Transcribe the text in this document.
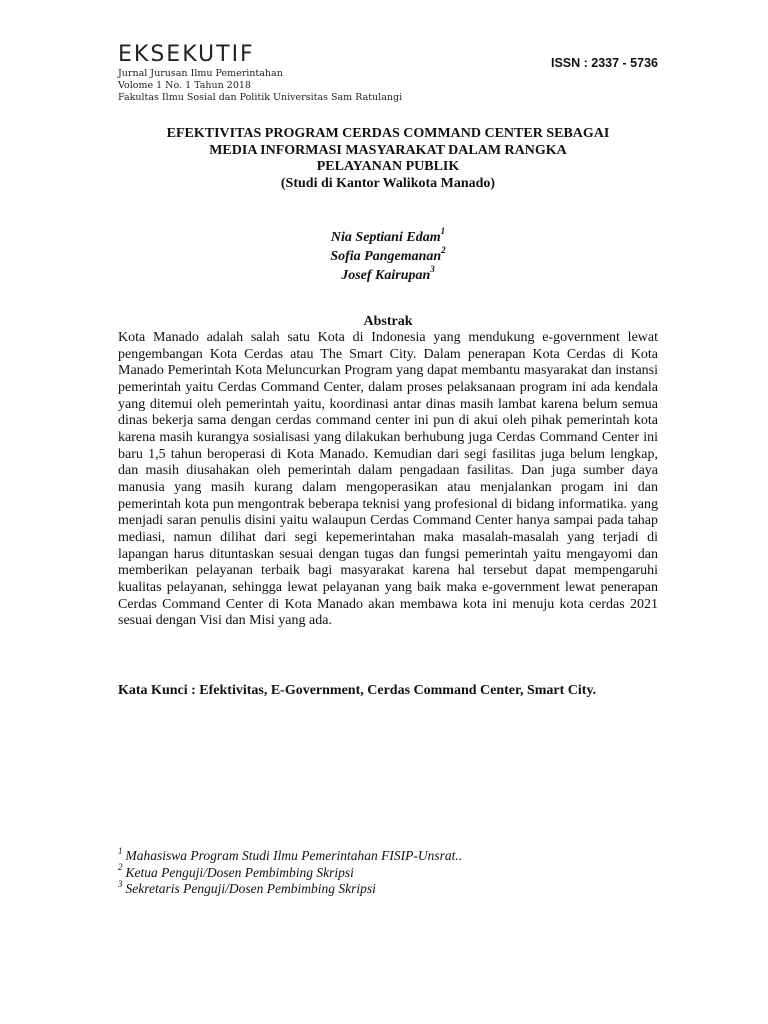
EKSEKUTIF	ISSN : 2337 - 5736
Jurnal Jurusan Ilmu Pemerintahan
Volome 1 No. 1 Tahun 2018
Fakultas Ilmu Sosial dan Politik Universitas Sam Ratulangi
EFEKTIVITAS PROGRAM CERDAS COMMAND CENTER SEBAGAI
MEDIA INFORMASI MASYARAKAT DALAM RANGKA
PELAYANAN PUBLIK
(Studi di Kantor Walikota Manado)
Nia Septiani Edam$^1$
Sofia Pangemanan$^2$
Josef Kairupan$^3$
Abstrak
Kota Manado adalah salah satu Kota di Indonesia yang mendukung e-government lewat pengembangan Kota Cerdas atau The Smart City. Dalam penerapan Kota Cerdas di Kota Manado Pemerintah Kota Meluncurkan Program yang dapat membantu masyarakat dan instansi pemerintah yaitu Cerdas Command Center, dalam proses pelaksanaan program ini ada kendala yang ditemui oleh pemerintah yaitu, koordinasi antar dinas masih lambat karena belum semua dinas bekerja sama dengan cerdas command center ini pun di akui oleh pihak pemerintah kota karena masih kurangya sosialisasi yang dilakukan berhubung juga Cerdas Command Center ini baru 1,5 tahun beroperasi di Kota Manado. Kemudian dari segi fasilitas juga belum lengkap, dan masih diusahakan oleh pemerintah dalam pengadaan fasilitas. Dan juga sumber daya manusia yang masih kurang dalam mengoperasikan atau menjalankan progam ini dan pemerintah kota pun mengontrak beberapa teknisi yang profesional di bidang informatika. yang menjadi saran penulis disini yaitu walaupun Cerdas Command Center hanya sampai pada tahap mediasi, namun dilihat dari segi kepemerintahan maka masalah-masalah yang terjadi di lapangan harus dituntaskan sesuai dengan tugas dan fungsi pemerintah yaitu mengayomi dan memberikan pelayanan terbaik bagi masyarakat karena hal tersebut dapat mempengaruhi kualitas pelayanan, sehingga lewat pelayanan yang baik maka e-government lewat penerapan Cerdas Command Center di Kota Manado akan membawa kota ini menuju kota cerdas 2021 sesuai dengan Visi dan Misi yang ada.
Kata Kunci : Efektivitas, E-Government, Cerdas Command Center, Smart City.
$^1$ Mahasiswa Program Studi Ilmu Pemerintahan FISIP-Unsrat..
$^2$ Ketua Penguji/Dosen Pembimbing Skripsi
$^3$ Sekretaris Penguji/Dosen Pembimbing Skripsi
